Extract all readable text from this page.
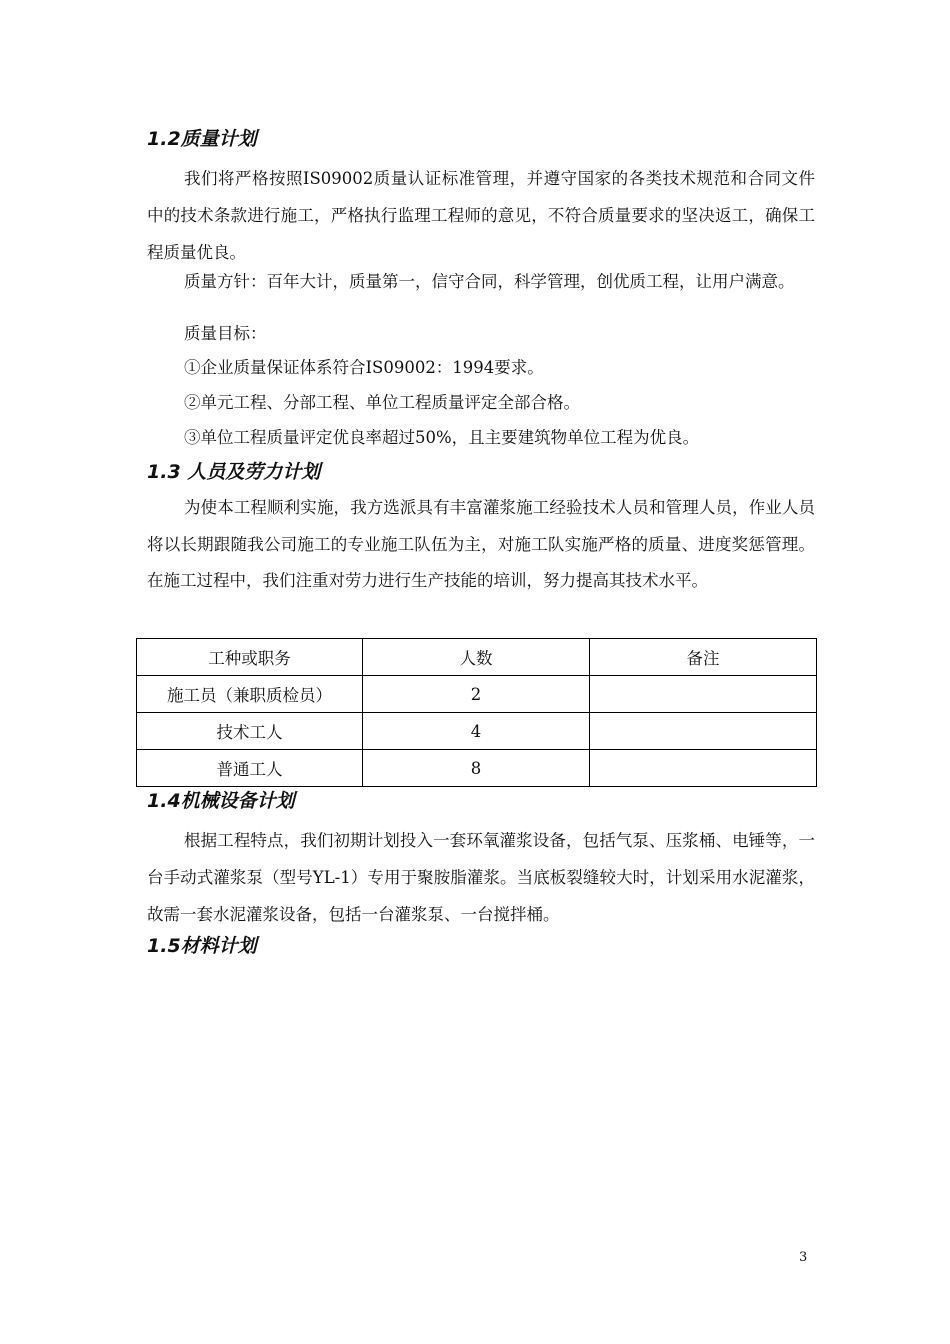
1.2质量计划

我们将严格按照IS09002质量认证标准管理，并遵守国家的各类技术规范和合同文件中的技术条款进行施工，严格执行监理工程师的意见，不符合质量要求的坚决返工，确保工程质量优良。

质量方针：百年大计，质量第一，信守合同，科学管理，创优质工程，让用户满意。

质量目标：
①企业质量保证体系符合IS09002：1994要求。
②单元工程、分部工程、单位工程质量评定全部合格。
③单位工程质量评定优良率超过50%，且主要建筑物单位工程为优良。
1.3 人员及劳力计划

为使本工程顺利实施，我方选派具有丰富灌浆施工经验技术人员和管理人员，作业人员将以长期跟随我公司施工的专业施工队伍为主，对施工队实施严格的质量、进度奖惩管理。在施工过程中，我们注重对劳力进行生产技能的培训，努力提高其技术水平。

工种或职务	人数	备注
施工员（兼职质检员）	2	
技术工人	4	
普通工人	8	
1.4机械设备计划

根据工程特点，我们初期计划投入一套环氧灌浆设备，包括气泵、压浆桶、电锤等，一台手动式灌浆泵（型号YL-1）专用于聚胺脂灌浆。当底板裂缝较大时，计划采用水泥灌浆，故需一套水泥灌浆设备，包括一台灌浆泵、一台搅拌桶。

1.5材料计划
3
